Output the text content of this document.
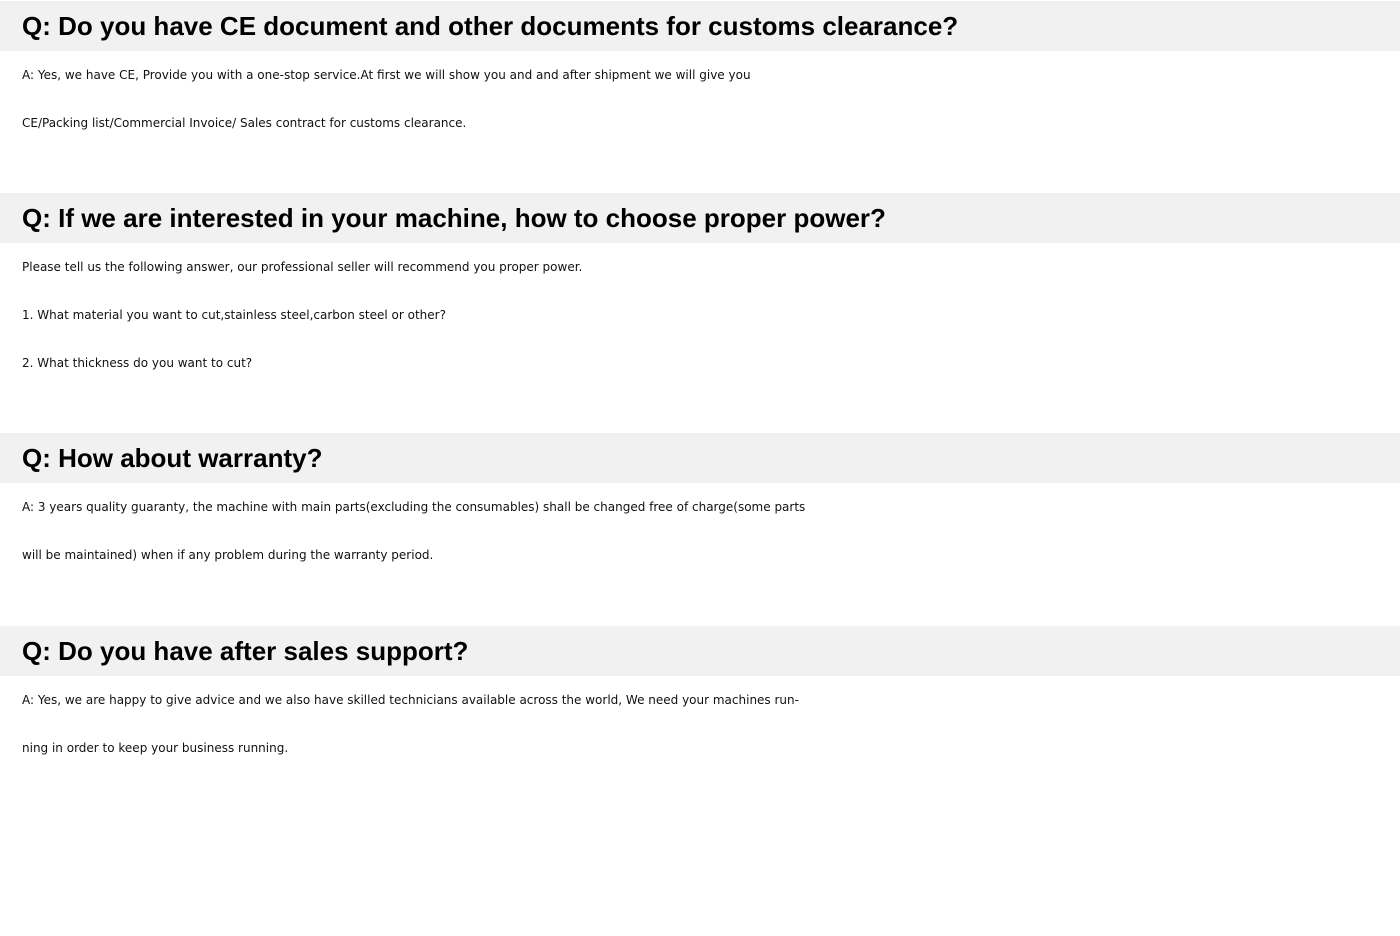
Q: Do you have CE document and other documents for customs clearance?
A: Yes, we have CE, Provide you with a one-stop service.At first we will show you and and after shipment we will give you
CE/Packing list/Commercial Invoice/ Sales contract for customs clearance.
Q: If we are interested in your machine, how to choose proper power?
Please tell us the following answer, our professional seller will recommend you proper power.
1. What material you want to cut,stainless steel,carbon steel or other?
2. What thickness do you want to cut?
Q: How about warranty?
A: 3 years quality guaranty, the machine with main parts(excluding the consumables) shall be changed free of charge(some parts
will be maintained) when if any problem during the warranty period.
Q: Do you have after sales support?
A: Yes, we are happy to give advice and we also have skilled technicians available across the world, We need your machines run-
ning in order to keep your business running.
